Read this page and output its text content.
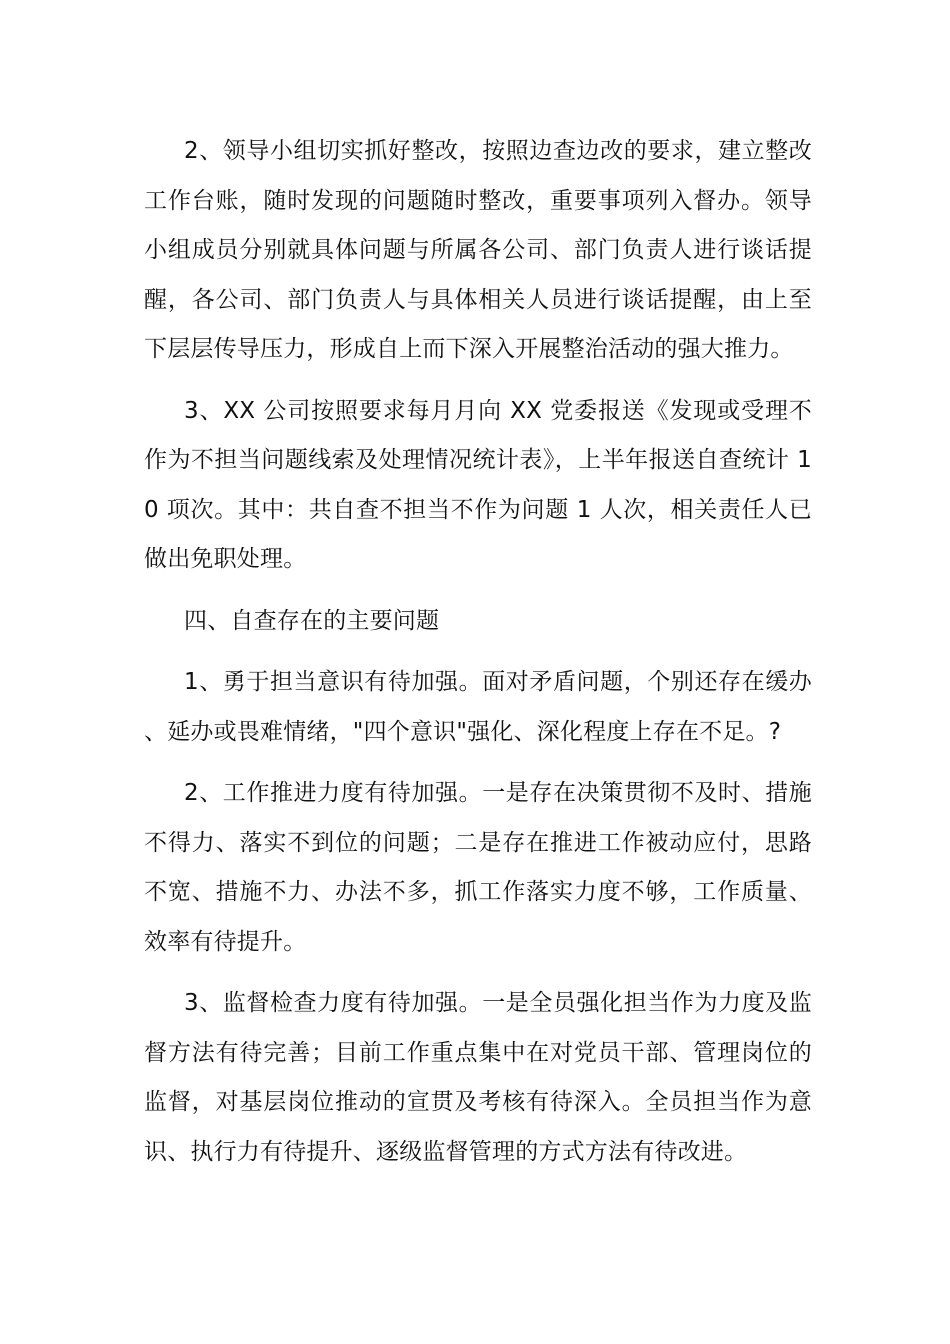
2、领导小组切实抓好整改，按照边查边改的要求，建立整改工作台账，随时发现的问题随时整改，重要事项列入督办。领导小组成员分别就具体问题与所属各公司、部门负责人进行谈话提醒，各公司、部门负责人与具体相关人员进行谈话提醒，由上至下层层传导压力，形成自上而下深入开展整治活动的强大推力。

3、XX 公司按照要求每月月向 XX 党委报送《发现或受理不作为不担当问题线索及处理情况统计表》，上半年报送自查统计 10 项次。其中：共自查不担当不作为问题 1 人次，相关责任人已做出免职处理。

四、自查存在的主要问题

1、勇于担当意识有待加强。面对矛盾问题，个别还存在缓办、延办或畏难情绪，"四个意识"强化、深化程度上存在不足。?

2、工作推进力度有待加强。一是存在决策贯彻不及时、措施不得力、落实不到位的问题；二是存在推进工作被动应付，思路不宽、措施不力、办法不多，抓工作落实力度不够，工作质量、效率有待提升。

3、监督检查力度有待加强。一是全员强化担当作为力度及监督方法有待完善；目前工作重点集中在对党员干部、管理岗位的监督，对基层岗位推动的宣贯及考核有待深入。全员担当作为意识、执行力有待提升、逐级监督管理的方式方法有待改进。
